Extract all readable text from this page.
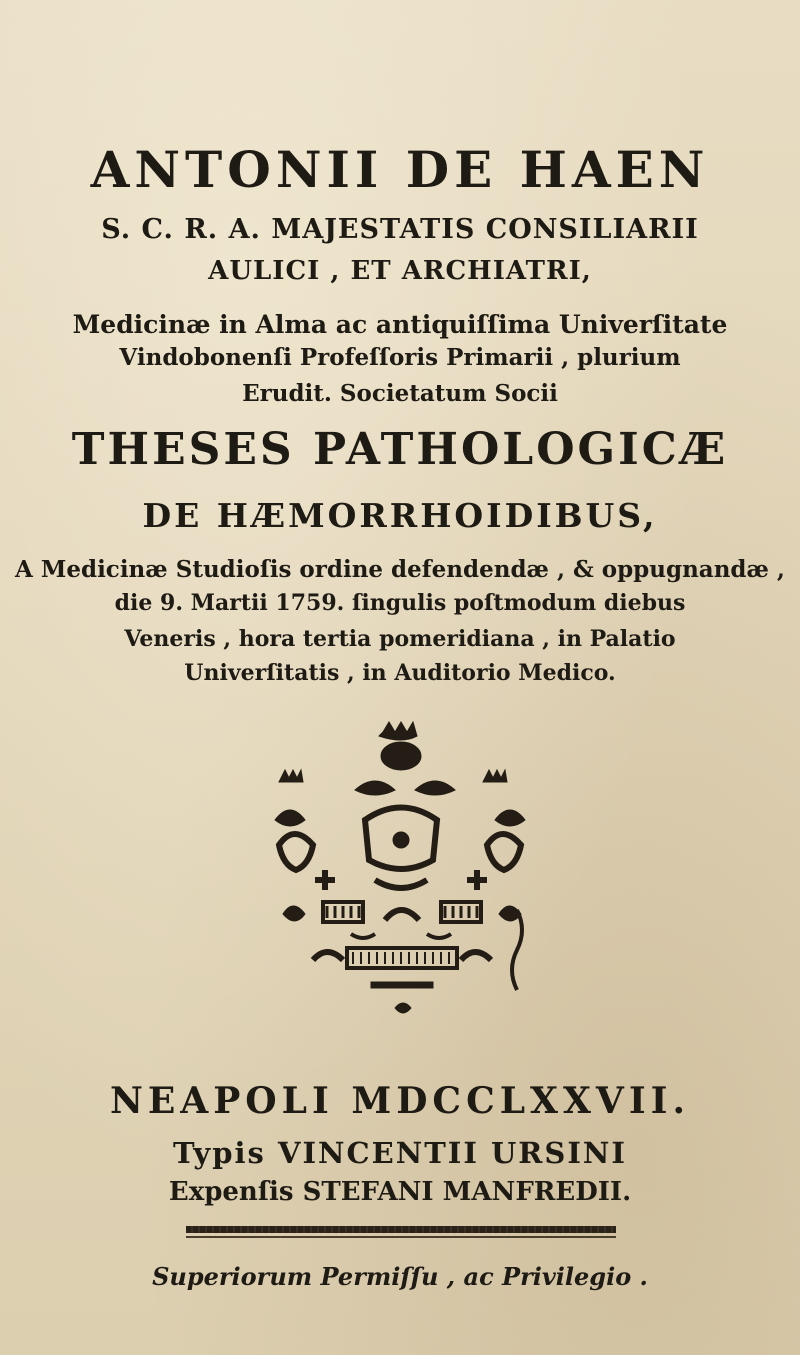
ANTONII DE HAEN
S. C. R. A. MAJESTATIS CONSILIARII
AULICI , ET ARCHIATRI,
Medicinæ in Alma ac antiquiſſima Univerſitate
Vindobonenſi Profeſſoris Primarii , plurium
Erudit. Societatum Socii
THESES PATHOLOGICÆ
DE HÆMORRHOIDIBUS,
A Medicinæ Studioſis ordine defendendæ , & oppugnandæ ,
die 9. Martii 1759. ſingulis poſtmodum diebus
Veneris , hora tertia pomeridiana , in Palatio
Univerſitatis , in Auditorio Medico.
NEAPOLI MDCCLXXVII.
Typis VINCENTII URSINI
Expenſis STEFANI MANFREDII.
Superiorum Permiſſu , ac Privilegio .
